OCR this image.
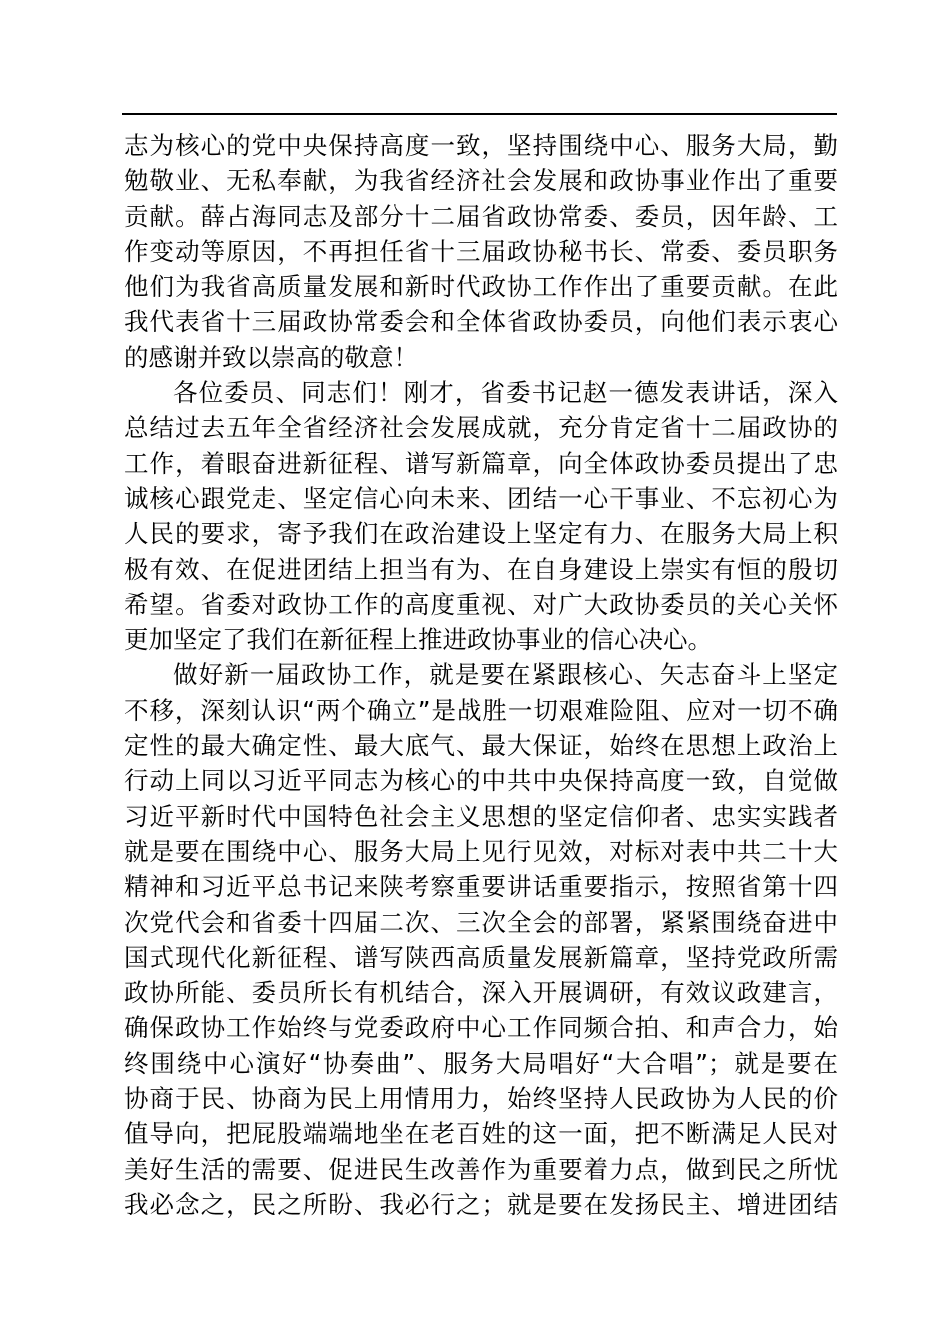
志为核心的党中央保持高度一致，坚持围绕中心、服务大局，勤
勉敬业、无私奉献，为我省经济社会发展和政协事业作出了重要
贡献。薛占海同志及部分十二届省政协常委、委员，因年龄、工
作变动等原因，不再担任省十三届政协秘书长、常委、委员职务
他们为我省高质量发展和新时代政协工作作出了重要贡献。在此
我代表省十三届政协常委会和全体省政协委员，向他们表示衷心
的感谢并致以崇高的敬意！
各位委员、同志们！刚才，省委书记赵一德发表讲话，深入
总结过去五年全省经济社会发展成就，充分肯定省十二届政协的
工作，着眼奋进新征程、谱写新篇章，向全体政协委员提出了忠
诚核心跟党走、坚定信心向未来、团结一心干事业、不忘初心为
人民的要求，寄予我们在政治建设上坚定有力、在服务大局上积
极有效、在促进团结上担当有为、在自身建设上崇实有恒的殷切
希望。省委对政协工作的高度重视、对广大政协委员的关心关怀
更加坚定了我们在新征程上推进政协事业的信心决心。
做好新一届政协工作，就是要在紧跟核心、矢志奋斗上坚定
不移，深刻认识“两个确立”是战胜一切艰难险阻、应对一切不确
定性的最大确定性、最大底气、最大保证，始终在思想上政治上
行动上同以习近平同志为核心的中共中央保持高度一致，自觉做
习近平新时代中国特色社会主义思想的坚定信仰者、忠实实践者
就是要在围绕中心、服务大局上见行见效，对标对表中共二十大
精神和习近平总书记来陕考察重要讲话重要指示，按照省第十四
次党代会和省委十四届二次、三次全会的部署，紧紧围绕奋进中
国式现代化新征程、谱写陕西高质量发展新篇章，坚持党政所需
政协所能、委员所长有机结合，深入开展调研，有效议政建言，
确保政协工作始终与党委政府中心工作同频合拍、和声合力，始
终围绕中心演好“协奏曲”、服务大局唱好“大合唱”；就是要在
协商于民、协商为民上用情用力，始终坚持人民政协为人民的价
值导向，把屁股端端地坐在老百姓的这一面，把不断满足人民对
美好生活的需要、促进民生改善作为重要着力点，做到民之所忧
我必念之，民之所盼、我必行之；就是要在发扬民主、增进团结
